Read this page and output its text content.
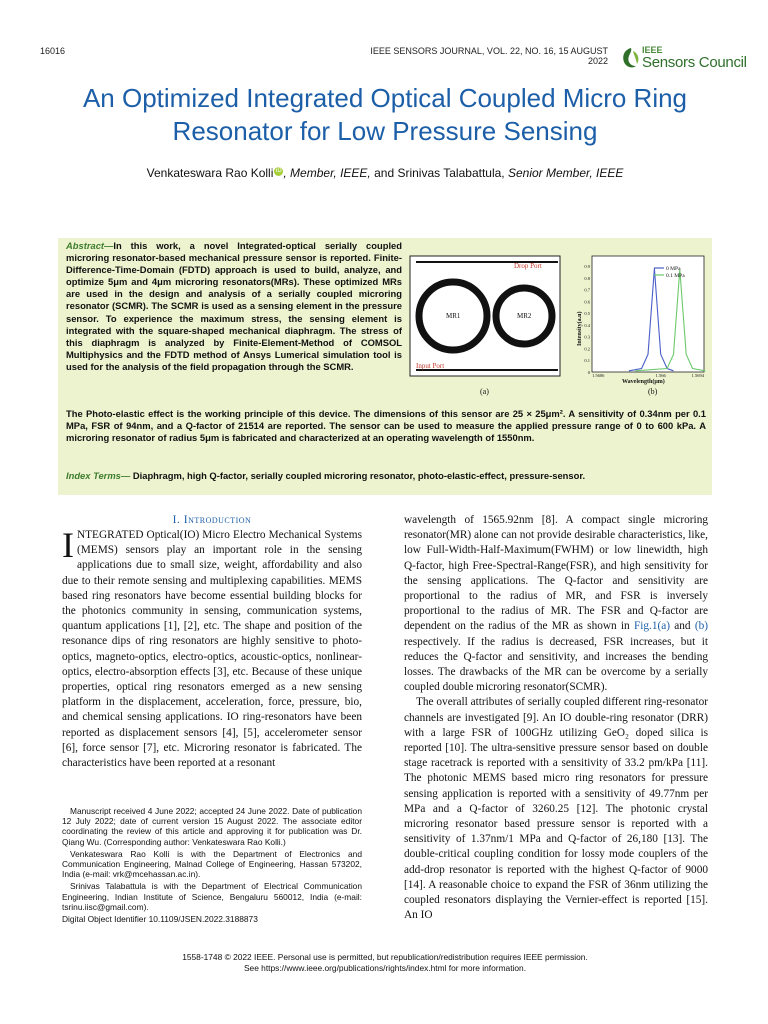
16016	IEEE SENSORS JOURNAL, VOL. 22, NO. 16, 15 AUGUST 2022
IEEE
Sensors Council
An Optimized Integrated Optical Coupled Micro Ring Resonator for Low Pressure Sensing
Venkateswara Rao Kolli iD , Member, IEEE, and Srinivas Talabattula, Senior Member, IEEE
Abstract—In this work, a novel Integrated-optical serially coupled microring resonator-based mechanical pressure sensor is reported. Finite-Difference-Time-Domain (FDTD) approach is used to build, analyze, and optimize 5μm and 4μm microring resonators(MRs). These optimized MRs are used in the design and analysis of a serially coupled microring resonator (SCMR). The SCMR is used as a sensing element in the pressure sensor. To experience the maximum stress, the sensing element is integrated with the square-shaped mechanical diaphragm. The stress of this diaphragm is analyzed by Finite-Element-Method of COMSOL Multiphysics and the FDTD method of Ansys Lumerical simulation tool is used for the analysis of the field propagation through the SCMR.
Drop Port
Input Port
MR1	MR2
(a)
Intensity(a.u)
Wavelength(μm)
0.9
0.8
0.7
0.6
0.5
0.4
0.3
0.2
0.1
0
1.5606	1.566	1.5694
0 MPa
0.1 MPa
(b)
The Photo-elastic effect is the working principle of this device. The dimensions of this sensor are 25 × 25μm². A sensitivity of 0.34nm per 0.1 MPa, FSR of 94nm, and a Q-factor of 21514 are reported. The sensor can be used to measure the applied pressure range of 0 to 600 kPa. A microring resonator of radius 5μm is fabricated and characterized at an operating wavelength of 1550nm.
Index Terms— Diaphragm, high Q-factor, serially coupled microring resonator, photo-elastic-effect, pressure-sensor.
I. Introduction
INTEGRATED Optical(IO) Micro Electro Mechanical Systems (MEMS) sensors play an important role in the sensing applications due to small size, weight, affordability and also due to their remote sensing and multiplexing capabilities. MEMS based ring resonators have become essential building blocks for the photonics community in sensing, communication systems, quantum applications [1], [2], etc. The shape and position of the resonance dips of ring resonators are highly sensitive to photo-optics, magneto-optics, electro-optics, acoustic-optics, nonlinear-optics, electro-absorption effects [3], etc. Because of these unique properties, optical ring resonators emerged as a new sensing platform in the displacement, acceleration, force, pressure, bio, and chemical sensing applications. IO ring-resonators have been reported as displacement sensors [4], [5], accelerometer sensor [6], force sensor [7], etc. Microring resonator is fabricated. The characteristics have been reported at a resonant

Manuscript received 4 June 2022; accepted 24 June 2022. Date of publication 12 July 2022; date of current version 15 August 2022. The associate editor coordinating the review of this article and approving it for publication was Dr. Qiang Wu. (Corresponding author: Venkateswara Rao Kolli.)

Venkateswara Rao Kolli is with the Department of Electronics and Communication Engineering, Malnad College of Engineering, Hassan 573202, India (e-mail: vrk@mcehassan.ac.in).

Srinivas Talabattula is with the Department of Electrical Communication Engineering, Indian Institute of Science, Bengaluru 560012, India (e-mail: tsrinu.iisc@gmail.com).

Digital Object Identifier 10.1109/JSEN.2022.3188873

wavelength of 1565.92nm [8]. A compact single microring resonator(MR) alone can not provide desirable characteristics, like, low Full-Width-Half-Maximum(FWHM) or low linewidth, high Q-factor, high Free-Spectral-Range(FSR), and high sensitivity for the sensing applications. The Q-factor and sensitivity are proportional to the radius of MR, and FSR is inversely proportional to the radius of MR. The FSR and Q-factor are dependent on the radius of the MR as shown in Fig.1(a) and (b) respectively. If the radius is decreased, FSR increases, but it reduces the Q-factor and sensitivity, and increases the bending losses. The drawbacks of the MR can be overcome by a serially coupled double microring resonator(SCMR).
The overall attributes of serially coupled different ring-resonator channels are investigated [9]. An IO double-ring resonator (DRR) with a large FSR of 100GHz utilizing GeO₂ doped silica is reported [10]. The ultra-sensitive pressure sensor based on double stage racetrack is reported with a sensitivity of 33.2 pm/kPa [11]. The photonic MEMS based micro ring resonators for pressure sensing application is reported with a sensitivity of 49.77nm per MPa and a Q-factor of 3260.25 [12]. The photonic crystal microring resonator based pressure sensor is reported with a sensitivity of 1.37nm/1 MPa and Q-factor of 26,180 [13]. The double-critical coupling condition for lossy mode couplers of the add-drop resonator is reported with the highest Q-factor of 9000 [14]. A reasonable choice to expand the FSR of 36nm utilizing the coupled resonators displaying the Vernier-effect is reported [15]. An IO
1558-1748 © 2022 IEEE. Personal use is permitted, but republication/redistribution requires IEEE permission.
See https://www.ieee.org/publications/rights/index.html for more information.
